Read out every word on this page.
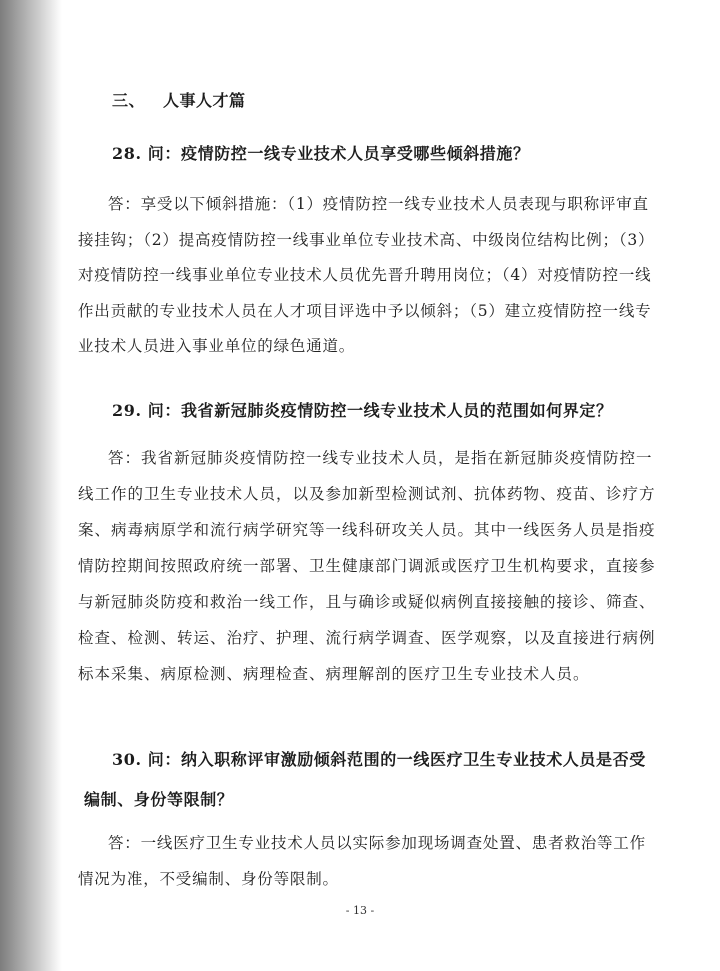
三、 人事人才篇
28. 问：疫情防控一线专业技术人员享受哪些倾斜措施？
答：享受以下倾斜措施：（1）疫情防控一线专业技术人员表现与职称评审直接挂钩；（2）提高疫情防控一线事业单位专业技术高、中级岗位结构比例；（3）对疫情防控一线事业单位专业技术人员优先晋升聘用岗位；（4）对疫情防控一线作出贡献的专业技术人员在人才项目评选中予以倾斜；（5）建立疫情防控一线专业技术人员进入事业单位的绿色通道。
29. 问：我省新冠肺炎疫情防控一线专业技术人员的范围如何界定？
答：我省新冠肺炎疫情防控一线专业技术人员，是指在新冠肺炎疫情防控一线工作的卫生专业技术人员，以及参加新型检测试剂、抗体药物、疫苗、诊疗方案、病毒病原学和流行病学研究等一线科研攻关人员。其中一线医务人员是指疫情防控期间按照政府统一部署、卫生健康部门调派或医疗卫生机构要求，直接参与新冠肺炎防疫和救治一线工作，且与确诊或疑似病例直接接触的接诊、筛查、检查、检测、转运、治疗、护理、流行病学调查、医学观察，以及直接进行病例标本采集、病原检测、病理检查、病理解剖的医疗卫生专业技术人员。
30. 问：纳入职称评审激励倾斜范围的一线医疗卫生专业技术人员是否受编制、身份等限制？
答：一线医疗卫生专业技术人员以实际参加现场调查处置、患者救治等工作情况为准，不受编制、身份等限制。
- 13 -
